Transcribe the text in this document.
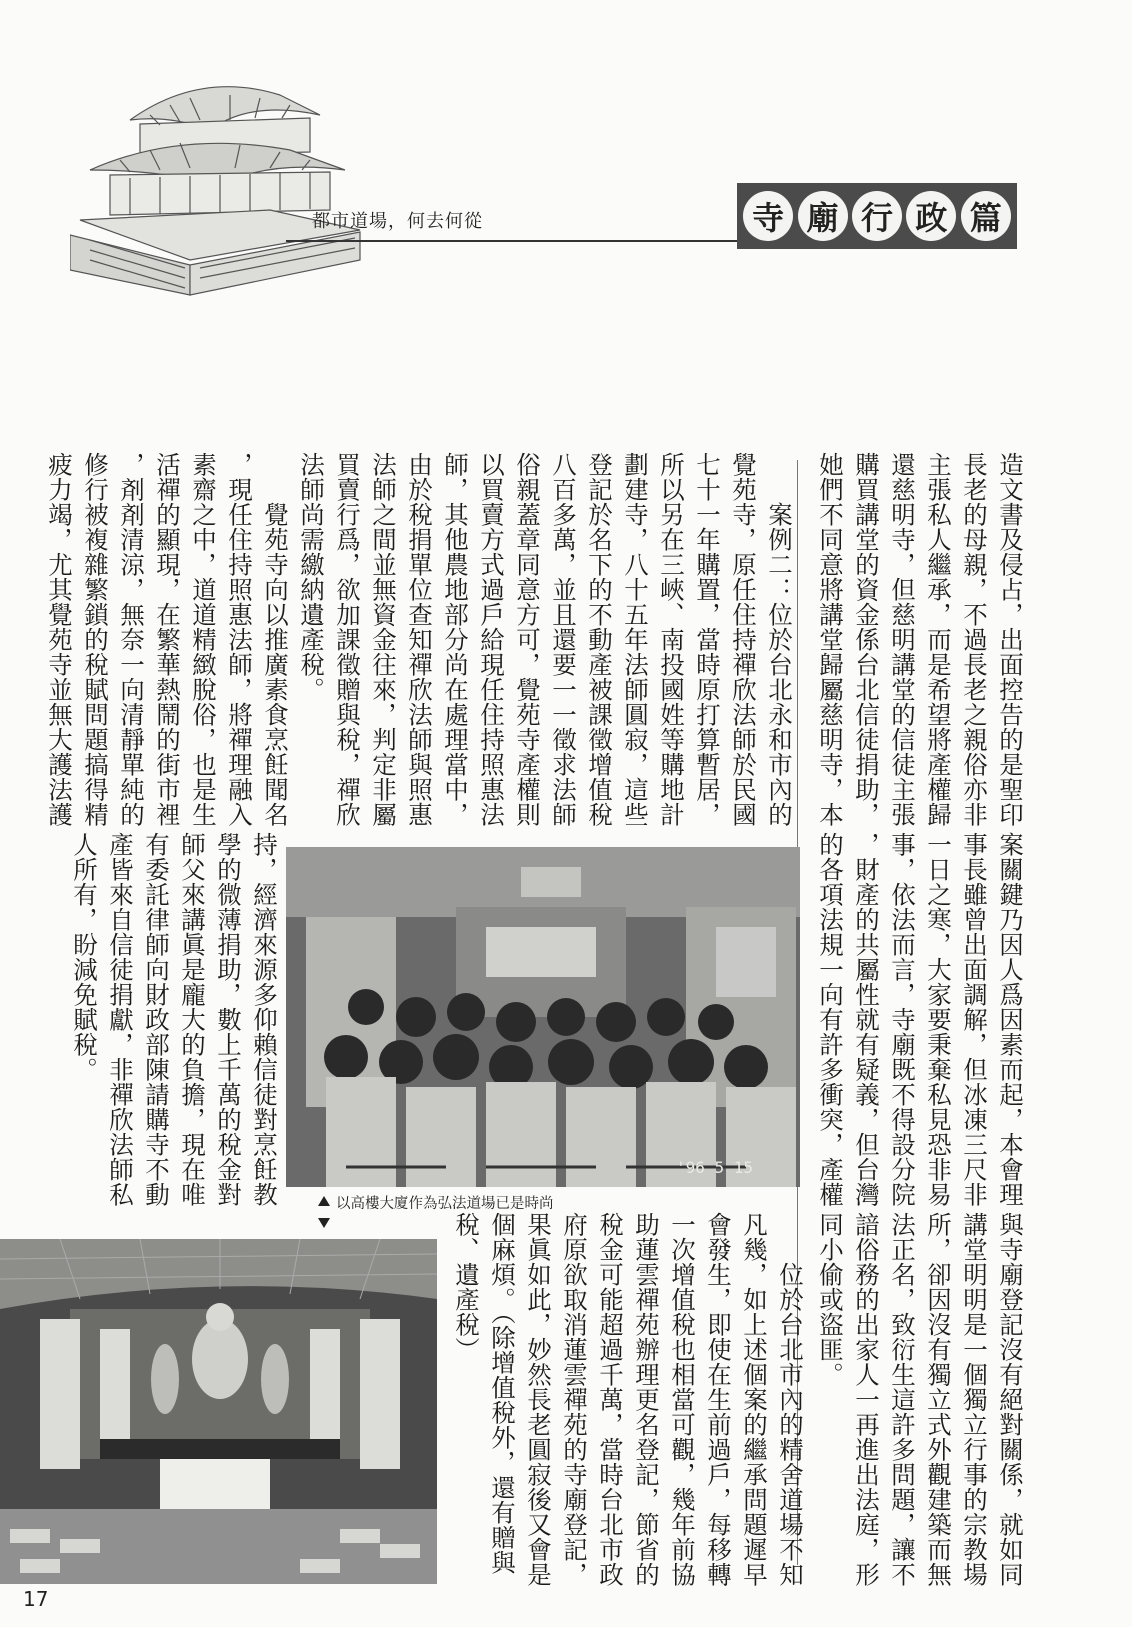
都市道場，何去何從	寺 廟 行 政 篇
造文書及侵占，出面控告的是聖印
長老的母親，不過長老之親俗亦非
主張私人繼承，而是希望將產權歸
還慈明寺，但慈明講堂的信徒主張
購買講堂的資金係台北信徒捐助，
她們不同意將講堂歸屬慈明寺，本
案關鍵乃因人爲因素而起，本會理
事長雖曾出面調解，但冰凍三尺非
一日之寒，大家要秉棄私見恐非易
事，依法而言，寺廟既不得設分院
，財產的共屬性就有疑義，但台灣
的各項法規一向有許多衝突，產權
與寺廟登記沒有絕對關係，就如同
講堂明明是一個獨立行事的宗教場
所，卻因沒有獨立式外觀建築而無
法正名，致衍生這許多問題，讓不
諳俗務的出家人一再進出法庭，形
同小偷或盜匪。
　　案例二：位於台北永和市內的
覺苑寺，原任住持禪欣法師於民國
七十一年購置，當時原打算暫居，
所以另在三峽、南投國姓等購地計
劃建寺，八十五年法師圓寂，這些
登記於名下的不動產被課徵增值稅
八百多萬，並且還要一一徵求法師
俗親蓋章同意方可，覺苑寺產權則
以買賣方式過戶給現任住持照惠法
師，其他農地部分尚在處理當中，
由於稅捐單位查知禪欣法師與照惠
法師之間並無資金往來，判定非屬
買賣行爲，欲加課徵贈與稅，禪欣
法師尚需繳納遺產稅。
　　覺苑寺向以推廣素食烹飪聞名
，現任住持照惠法師，將禪理融入
素齋之中，道道精緻脫俗，也是生
活禪的顯現，在繁華熱鬧的街市裡
，剤剤清涼，無奈一向清靜單純的
修行被複雜繁鎖的稅賦問題搞得精
疲力竭，尤其覺苑寺並無大護法護
持，經濟來源多仰賴信徒對烹飪教
學的微薄捐助，數上千萬的稅金對
師父來講眞是龐大的負擔，現在唯
有委託律師向財政部陳請購寺不動
產皆來自信徒捐獻，非禪欣法師私
人所有，盼減免賦稅。
　　位於台北市內的精舍道場不知
凡幾，如上述個案的繼承問題遲早
會發生，即使在生前過戶，每移轉
一次增值稅也相當可觀，幾年前協
助蓮雲禪苑辦理更名登記，節省的
稅金可能超過千萬，當時台北市政
府原欲取消蓮雲禪苑的寺廟登記，
果眞如此，妙然長老圓寂後又會是
個麻煩。（除增值稅外，還有贈與
稅、遺產稅）
'96 5 15
以高樓大廈作為弘法道場已是時尚
17
